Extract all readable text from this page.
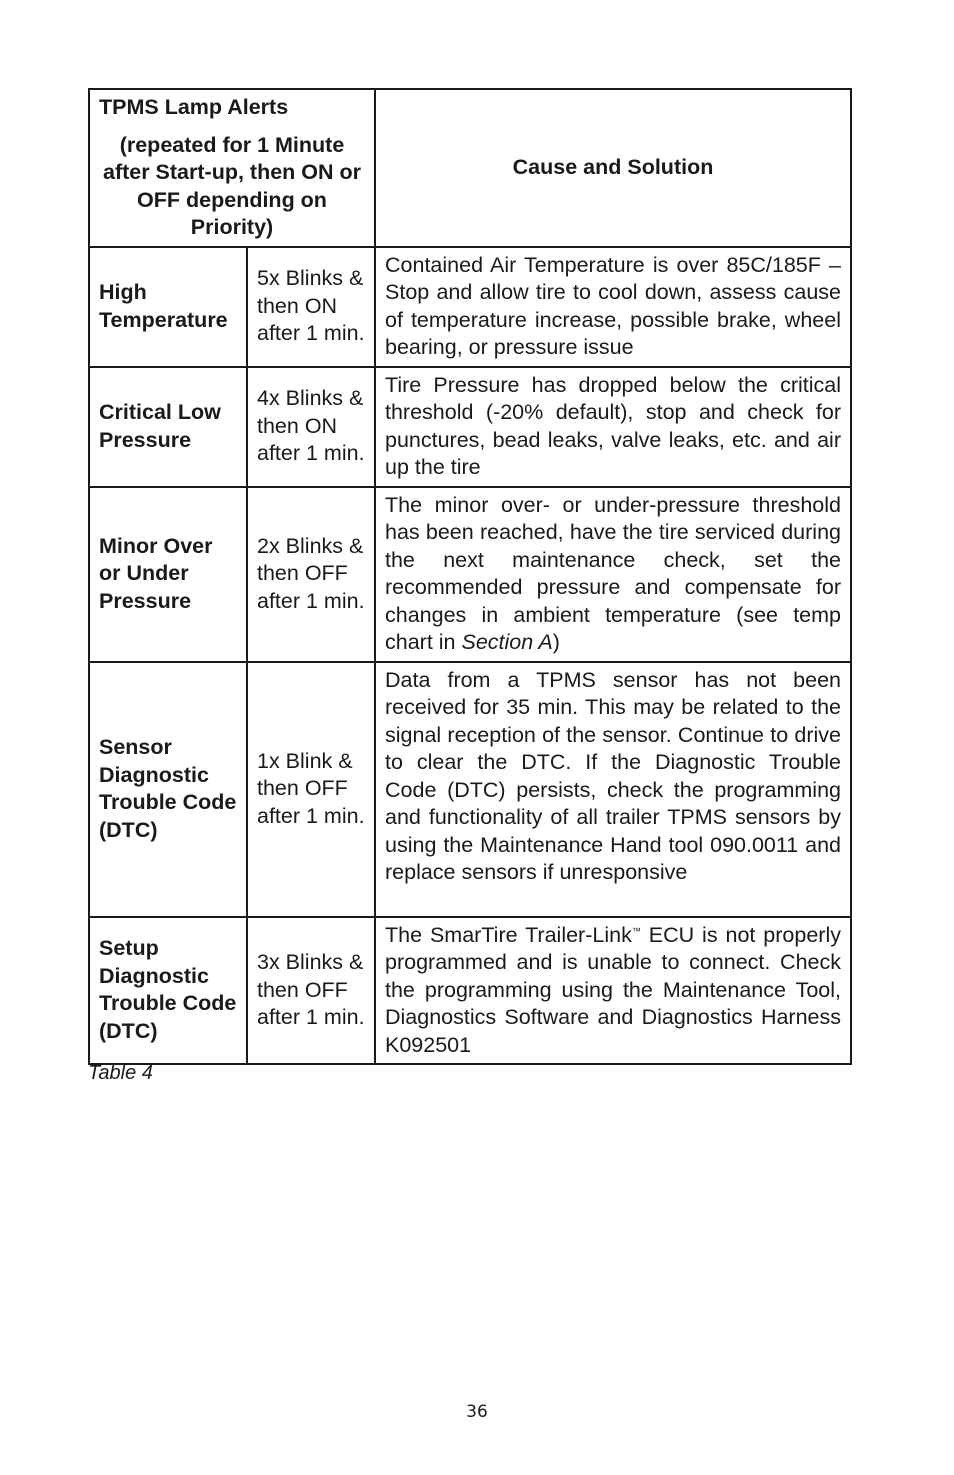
TPMS Lamp Alerts
(repeated for 1 Minute after Start-up, then ON or OFF depending on Priority)		Cause and Solution
High Temperature	5x Blinks & then ON after 1 min.	Contained Air Temperature is over 85C/185F – Stop and allow tire to cool down, assess cause of temperature increase, possible brake, wheel bearing, or pressure issue
Critical Low Pressure	4x Blinks & then ON after 1 min.	Tire Pressure has dropped below the critical threshold (-20% default), stop and check for punctures, bead leaks, valve leaks, etc. and air up the tire
Minor Over or Under Pressure	2x Blinks & then OFF after 1 min.	The minor over- or under-pressure threshold has been reached, have the tire serviced during the next maintenance check, set the recommended pressure and compensate for changes in ambient temperature (see temp chart in Section A)
Sensor Diagnostic Trouble Code (DTC)	1x Blink & then OFF after 1 min.	Data from a TPMS sensor has not been received for 35 min. This may be related to the signal reception of the sensor. Continue to drive to clear the DTC. If the Diagnostic Trouble Code (DTC) persists, check the programming and functionality of all trailer TPMS sensors by using the Maintenance Hand tool 090.0011 and replace sensors if unresponsive
Setup Diagnostic Trouble Code (DTC)	3x Blinks & then OFF after 1 min.	The SmarTire Trailer-Link™ ECU is not properly programmed and is unable to connect. Check the programming using the Maintenance Tool, Diagnostics Software and Diagnostics Harness K092501
Table 4
36
